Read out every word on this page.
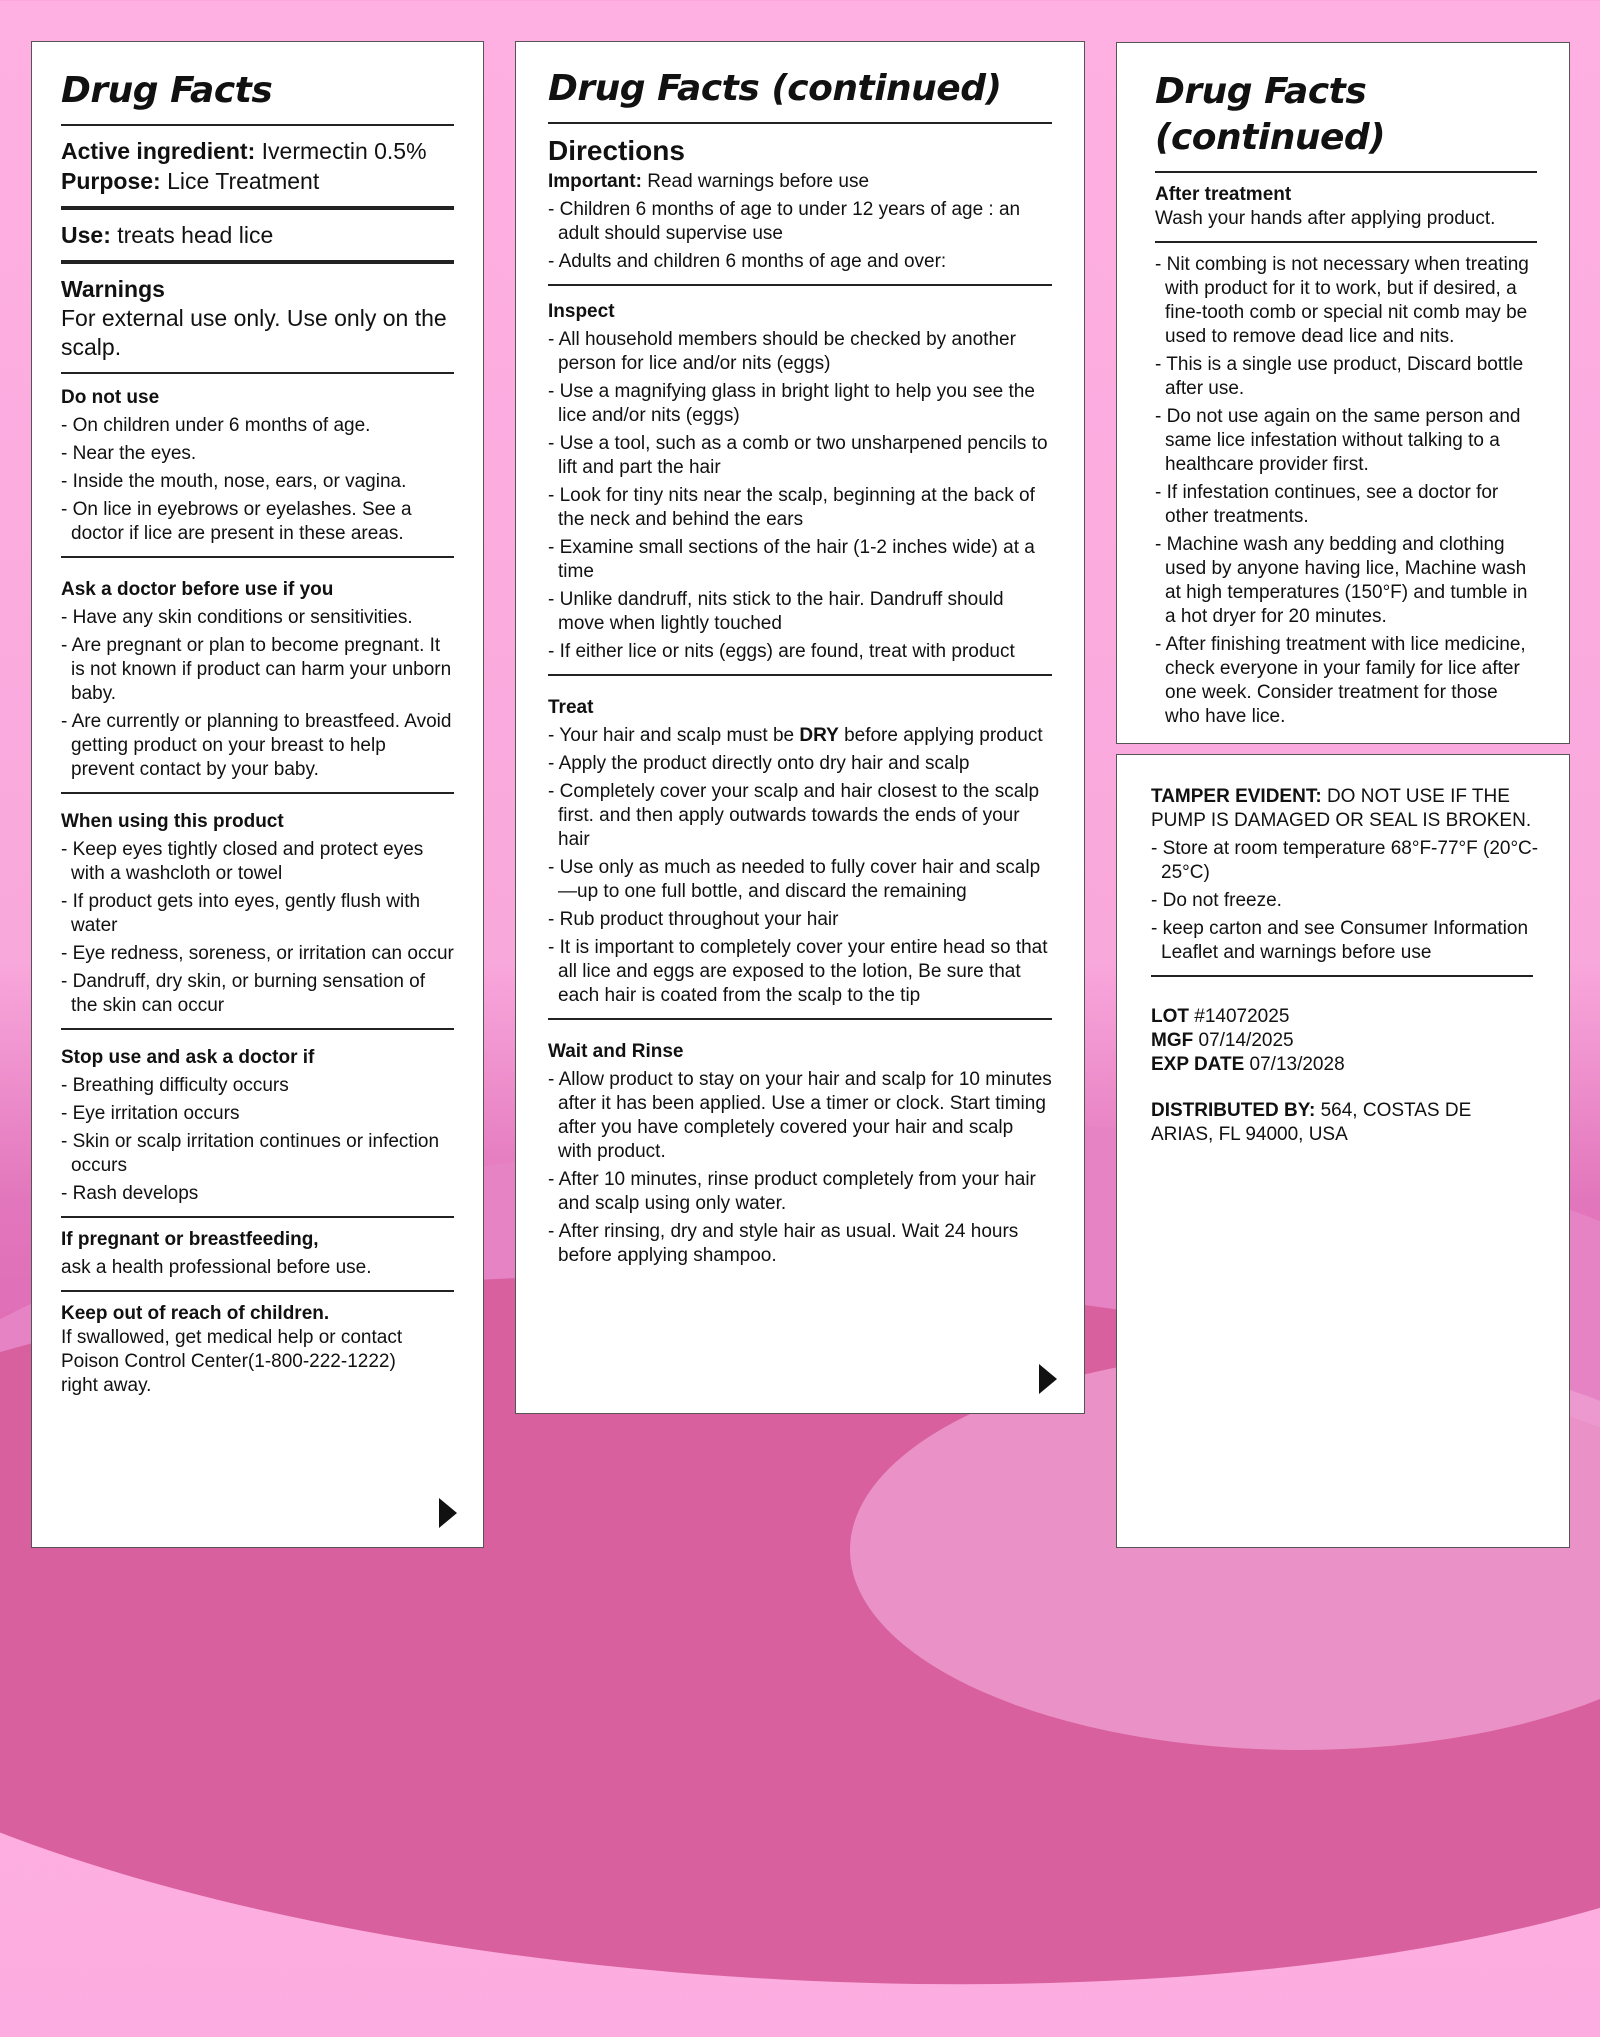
Drug Facts
Active ingredient: Ivermectin 0.5%
Purpose: Lice Treatment
Use: treats head lice
Warnings
For external use only. Use only on the scalp.
Do not use
- On children under 6 months of age.
- Near the eyes.
- Inside the mouth, nose, ears, or vagina.
- On lice in eyebrows or eyelashes. See a doctor if lice are present in these areas.
Ask a doctor before use if you
- Have any skin conditions or sensitivities.
- Are pregnant or plan to become pregnant. It is not known if product can harm your unborn baby.
- Are currently or planning to breastfeed. Avoid getting product on your breast to help prevent contact by your baby.
When using this product
- Keep eyes tightly closed and protect eyes with a washcloth or towel
- If product gets into eyes, gently flush with water
- Eye redness, soreness, or irritation can occur
- Dandruff, dry skin, or burning sensation of the skin can occur
Stop use and ask a doctor if
- Breathing difficulty occurs
- Eye irritation occurs
- Skin or scalp irritation continues or infection occurs
- Rash develops
If pregnant or breastfeeding,
ask a health professional before use.
Keep out of reach of children.
If swallowed, get medical help or contact Poison Control Center(1-800-222-1222) right away.
Drug Facts (continued)
Directions
Important: Read warnings before use
- Children 6 months of age to under 12 years of age : an adult should supervise use
- Adults and children 6 months of age and over:
Inspect
- All household members should be checked by another person for lice and/or nits (eggs)
- Use a magnifying glass in bright light to help you see the lice and/or nits (eggs)
- Use a tool, such as a comb or two unsharpened pencils to lift and part the hair
- Look for tiny nits near the scalp, beginning at the back of the neck and behind the ears
- Examine small sections of the hair (1-2 inches wide) at a time
- Unlike dandruff, nits stick to the hair. Dandruff should move when lightly touched
- If either lice or nits (eggs) are found, treat with product
Treat
- Your hair and scalp must be DRY before applying product
- Apply the product directly onto dry hair and scalp
- Completely cover your scalp and hair closest to the scalp first. and then apply outwards towards the ends of your hair
- Use only as much as needed to fully cover hair and scalp—up to one full bottle, and discard the remaining
- Rub product throughout your hair
- It is important to completely cover your entire head so that all lice and eggs are exposed to the lotion, Be sure that each hair is coated from the scalp to the tip
Wait and Rinse
- Allow product to stay on your hair and scalp for 10 minutes after it has been applied. Use a timer or clock. Start timing after you have completely covered your hair and scalp with product.
- After 10 minutes, rinse product completely from your hair and scalp using only water.
- After rinsing, dry and style hair as usual. Wait 24 hours before applying shampoo.
Drug Facts (continued)
After treatment
Wash your hands after applying product.
- Nit combing is not necessary when treating with product for it to work, but if desired, a fine-tooth comb or special nit comb may be used to remove dead lice and nits.
- This is a single use product, Discard bottle after use.
- Do not use again on the same person and same lice infestation without talking to a healthcare provider first.
- If infestation continues, see a doctor for other treatments.
- Machine wash any bedding and clothing used by anyone having lice, Machine wash at high temperatures (150°F) and tumble in a hot dryer for 20 minutes.
- After finishing treatment with lice medicine, check everyone in your family for lice after one week. Consider treatment for those who have lice.
TAMPER EVIDENT: DO NOT USE IF THE PUMP IS DAMAGED OR SEAL IS BROKEN.
- Store at room temperature 68°F-77°F (20°C-25°C)
- Do not freeze.
- keep carton and see Consumer Information Leaflet and warnings before use
LOT #14072025
MGF 07/14/2025
EXP DATE 07/13/2028
DISTRIBUTED BY: 564, COSTAS DE ARIAS, FL 94000, USA
